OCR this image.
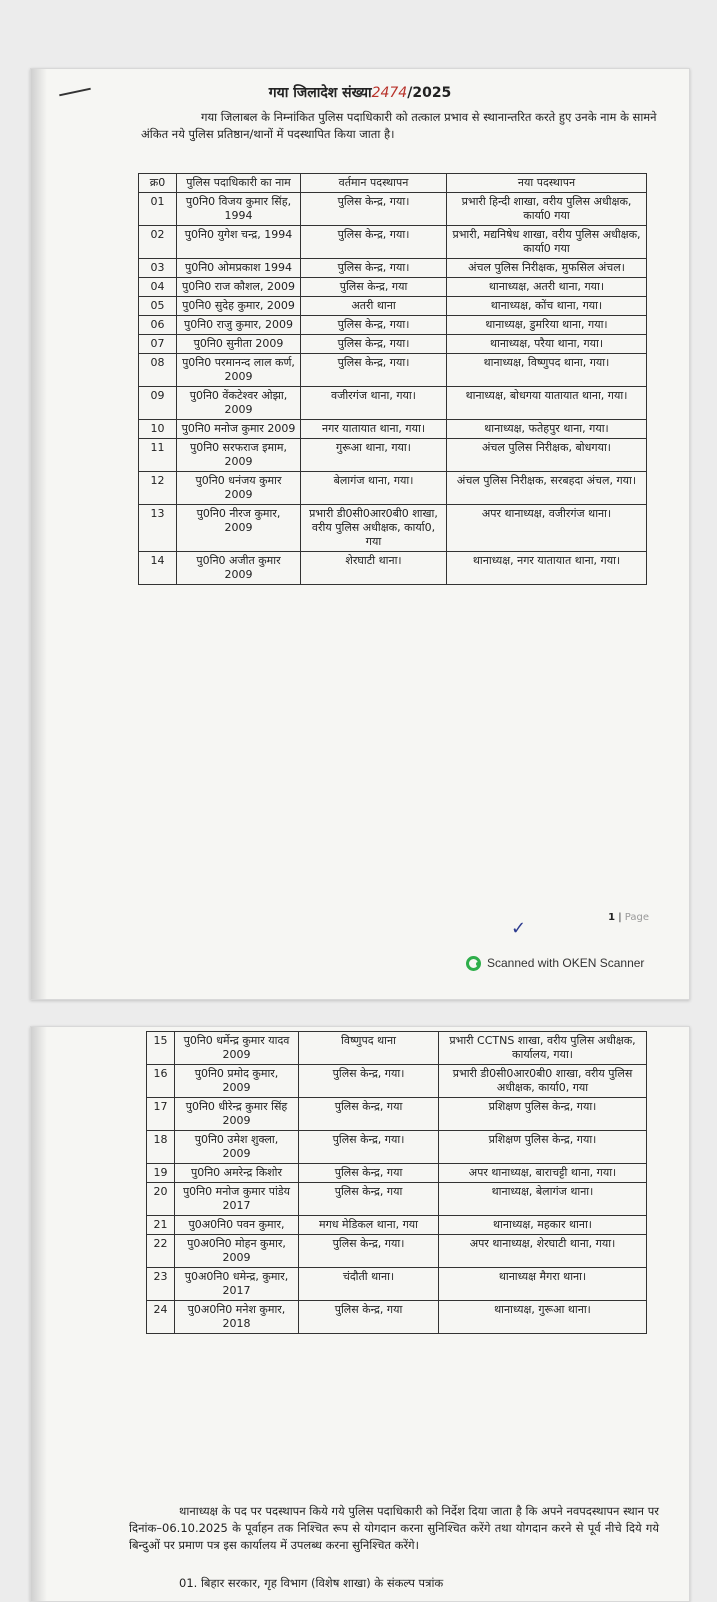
गया जिलादेश संख्या2474/2025
गया जिलाबल के निम्नांकित पुलिस पदाधिकारी को तत्काल प्रभाव से स्थानान्तरित करते हुए उनके नाम के सामने अंकित नये पुलिस प्रतिष्ठान/थानों में पदस्थापित किया जाता है।
क्र0	पुलिस पदाधिकारी का नाम	वर्तमान पदस्थापन	नया पदस्थापन
01	पु0नि0 विजय कुमार सिंह, 1994	पुलिस केन्द्र, गया।	प्रभारी हिन्दी शाखा, वरीय पुलिस अधीक्षक, कार्या0 गया
02	पु0नि0 युगेश चन्द्र, 1994	पुलिस केन्द्र, गया।	प्रभारी, मद्यनिषेध शाखा, वरीय पुलिस अधीक्षक, कार्या0 गया
03	पु0नि0 ओमप्रकाश 1994	पुलिस केन्द्र, गया।	अंचल पुलिस निरीक्षक, मुफसिल अंचल।
04	पु0नि0 राज कौशल, 2009	पुलिस केन्द्र, गया	थानाध्यक्ष, अतरी थाना, गया।
05	पु0नि0 सुदेह कुमार, 2009	अतरी थाना	थानाध्यक्ष, कोंच थाना, गया।
06	पु0नि0 राजु कुमार, 2009	पुलिस केन्द्र, गया।	थानाध्यक्ष, डुमरिया थाना, गया।
07	पु0नि0 सुनीता 2009	पुलिस केन्द्र, गया।	थानाध्यक्ष, परैया थाना, गया।
08	पु0नि0 परमानन्द लाल कर्ण, 2009	पुलिस केन्द्र, गया।	थानाध्यक्ष, विष्णुपद थाना, गया।
09	पु0नि0 वेंकटेश्वर ओझा, 2009	वजीरगंज थाना, गया।	थानाध्यक्ष, बोधगया यातायात थाना, गया।
10	पु0नि0 मनोज कुमार 2009	नगर यातायात थाना, गया।	थानाध्यक्ष, फतेहपुर थाना, गया।
11	पु0नि0 सरफराज इमाम, 2009	गुरूआ थाना, गया।	अंचल पुलिस निरीक्षक, बोधगया।
12	पु0नि0 धनंजय कुमार 2009	बेलागंज थाना, गया।	अंचल पुलिस निरीक्षक, सरबहदा अंचल, गया।
13	पु0नि0 नीरज कुमार, 2009	प्रभारी डी0सी0आर0बी0 शाखा, वरीय पुलिस अधीक्षक, कार्या0, गया	अपर थानाध्यक्ष, वजीरगंज थाना।
14	पु0नि0 अजीत कुमार 2009	शेरघाटी थाना।	थानाध्यक्ष, नगर यातायात थाना, गया।
✓
1 | Page
Scanned with OKEN Scanner
15	पु0नि0 धर्मेन्द्र कुमार यादव 2009	विष्णुपद थाना	प्रभारी CCTNS शाखा, वरीय पुलिस अधीक्षक, कार्यालय, गया।
16	पु0नि0 प्रमोद कुमार, 2009	पुलिस केन्द्र, गया।	प्रभारी डी0सी0आर0बी0 शाखा, वरीय पुलिस अधीक्षक, कार्या0, गया
17	पु0नि0 धीरेन्द्र कुमार सिंह 2009	पुलिस केन्द्र, गया	प्रशिक्षण पुलिस केन्द्र, गया।
18	पु0नि0 उमेश शुक्ला, 2009	पुलिस केन्द्र, गया।	प्रशिक्षण पुलिस केन्द्र, गया।
19	पु0नि0 अमरेन्द्र किशोर	पुलिस केन्द्र, गया	अपर थानाध्यक्ष, बाराचट्टी थाना, गया।
20	पु0नि0 मनोज कुमार पांडेय 2017	पुलिस केन्द्र, गया	थानाध्यक्ष, बेलागंज थाना।
21	पु0अ0नि0 पवन कुमार,	मगध मेडिकल थाना, गया	थानाध्यक्ष, महकार थाना।
22	पु0अ0नि0 मोहन कुमार, 2009	पुलिस केन्द्र, गया।	अपर थानाध्यक्ष, शेरघाटी थाना, गया।
23	पु0अ0नि0 धमेन्द्र, कुमार, 2017	चंदौती थाना।	थानाध्यक्ष मैगरा थाना।
24	पु0अ0नि0 मनेश कुमार, 2018	पुलिस केन्द्र, गया	थानाध्यक्ष, गुरूआ थाना।
थानाध्यक्ष के पद पर पदस्थापन किये गये पुलिस पदाधिकारी को निर्देश दिया जाता है कि अपने नवपदस्थापन स्थान पर दिनांक–06.10.2025 के पूर्वाहन तक निश्चित रूप से योगदान करना सुनिश्चित करेंगे तथा योगदान करने से पूर्व नीचे दिये गये बिन्दुओं पर प्रमाण पत्र इस कार्यालय में उपलब्ध करना सुनिश्चित करेंगे।
01. बिहार सरकार, गृह विभाग (विशेष शाखा) के संकल्प पत्रांक
